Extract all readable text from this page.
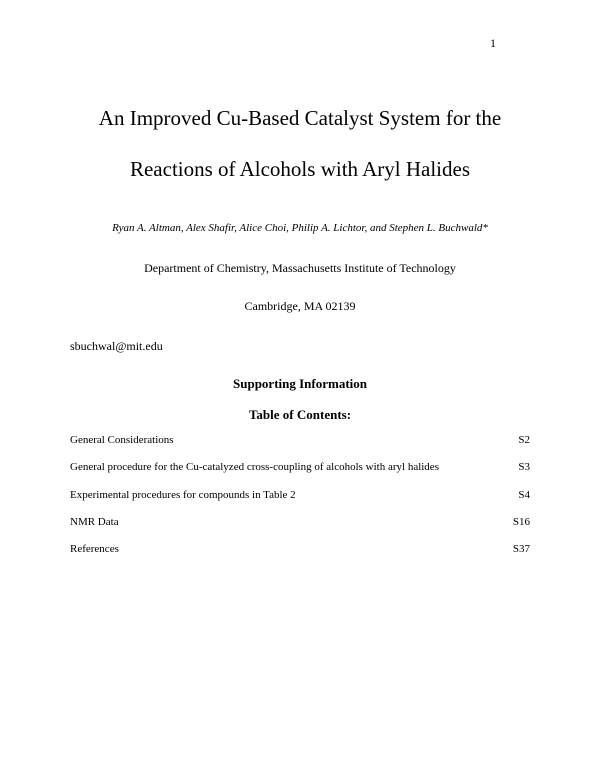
1
An Improved Cu-Based Catalyst System for the
Reactions of Alcohols with Aryl Halides
Ryan A. Altman, Alex Shafir, Alice Choi, Philip A. Lichtor, and Stephen L. Buchwald*
Department of Chemistry, Massachusetts Institute of Technology
Cambridge, MA 02139
sbuchwal@mit.edu
Supporting Information
Table of Contents:
General Considerations	S2
General procedure for the Cu-catalyzed cross-coupling of alcohols with aryl halides	S3
Experimental procedures for compounds in Table 2	S4
NMR Data	S16
References	S37
